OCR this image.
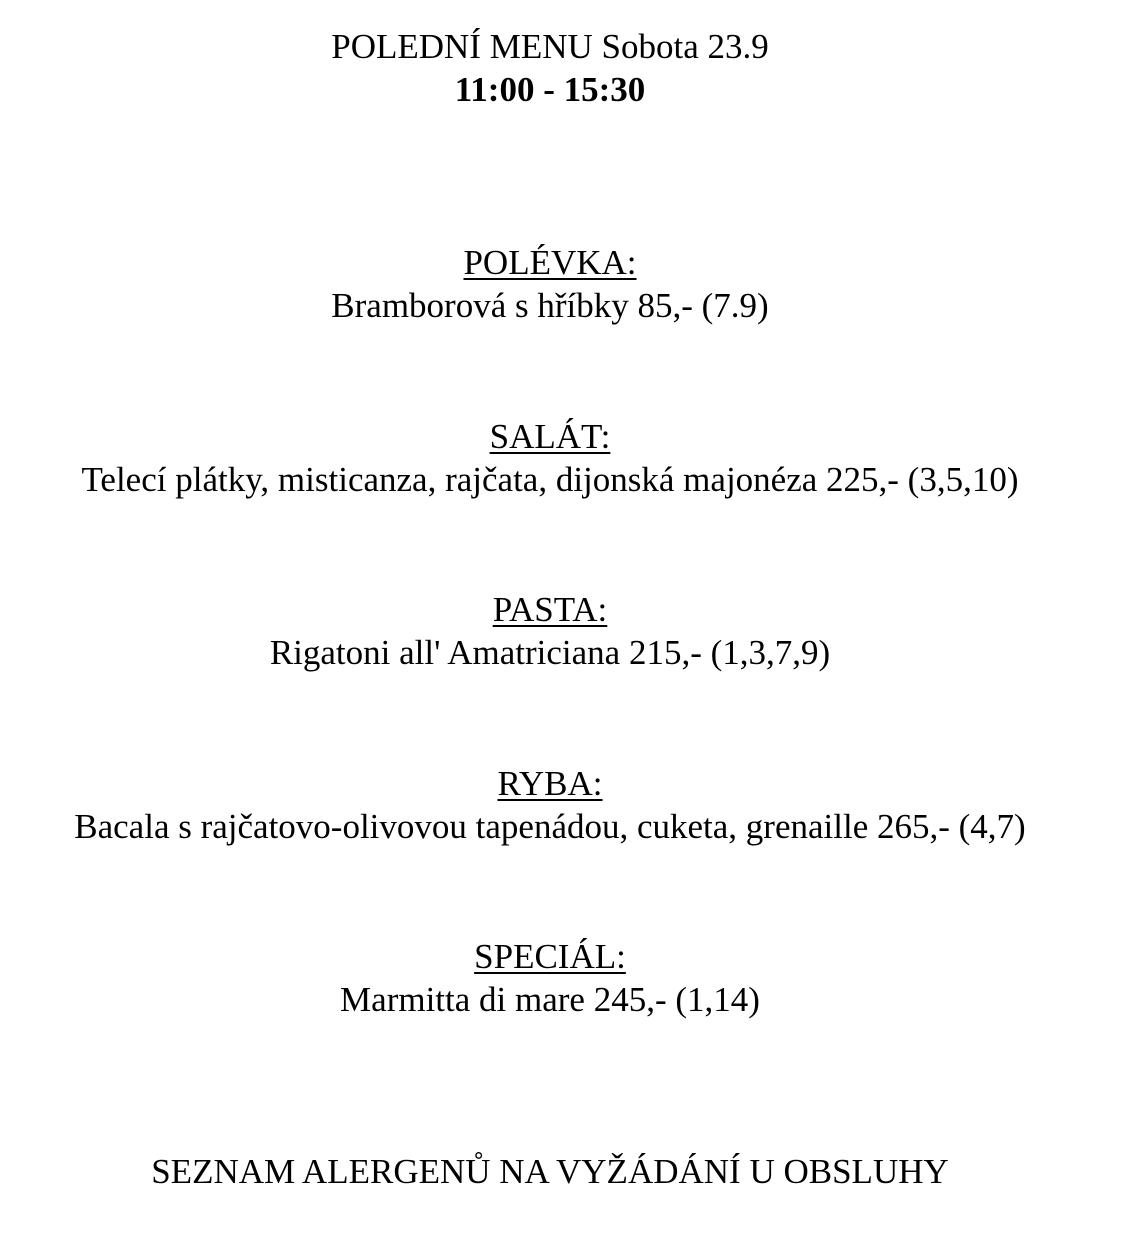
POLEDNÍ MENU Sobota 23.9

11:00 - 15:30

POLÉVKA:

Bramborová s hříbky 85,- (7.9)

SALÁT:

Telecí plátky, misticanza, rajčata, dijonská majonéza 225,- (3,5,10)

PASTA:

Rigatoni all' Amatriciana 215,- (1,3,7,9)

RYBA:

Bacala s rajčatovo-olivovou tapenádou, cuketa, grenaille 265,- (4,7)

SPECIÁL:

Marmitta di mare 245,- (1,14)

SEZNAM ALERGENŮ NA VYŽÁDÁNÍ U OBSLUHY
